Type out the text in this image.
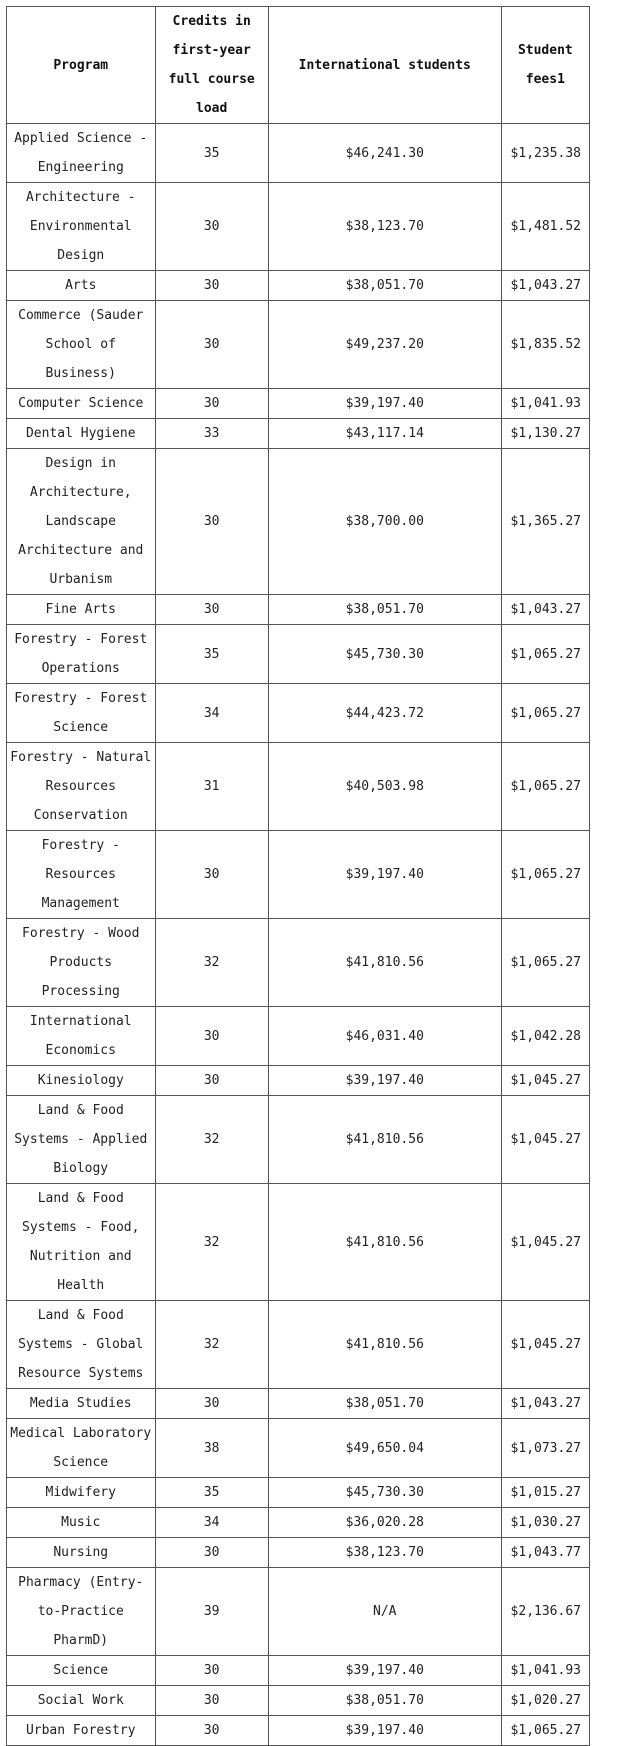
Program	Credits in first-year full course load	International students	Student fees1
Applied Science - Engineering	35	$46,241.30	$1,235.38
Architecture - Environmental Design	30	$38,123.70	$1,481.52
Arts	30	$38,051.70	$1,043.27
Commerce (Sauder School of Business)	30	$49,237.20	$1,835.52
Computer Science	30	$39,197.40	$1,041.93
Dental Hygiene	33	$43,117.14	$1,130.27
Design in Architecture, Landscape Architecture and Urbanism	30	$38,700.00	$1,365.27
Fine Arts	30	$38,051.70	$1,043.27
Forestry - Forest Operations	35	$45,730.30	$1,065.27
Forestry - Forest Science	34	$44,423.72	$1,065.27
Forestry - Natural Resources Conservation	31	$40,503.98	$1,065.27
Forestry - Resources Management	30	$39,197.40	$1,065.27
Forestry - Wood Products Processing	32	$41,810.56	$1,065.27
International Economics	30	$46,031.40	$1,042.28
Kinesiology	30	$39,197.40	$1,045.27
Land & Food Systems - Applied Biology	32	$41,810.56	$1,045.27
Land & Food Systems - Food, Nutrition and Health	32	$41,810.56	$1,045.27
Land & Food Systems - Global Resource Systems	32	$41,810.56	$1,045.27
Media Studies	30	$38,051.70	$1,043.27
Medical Laboratory Science	38	$49,650.04	$1,073.27
Midwifery	35	$45,730.30	$1,015.27
Music	34	$36,020.28	$1,030.27
Nursing	30	$38,123.70	$1,043.77
Pharmacy (Entry-to-Practice PharmD)	39	N/A	$2,136.67
Science	30	$39,197.40	$1,041.93
Social Work	30	$38,051.70	$1,020.27
Urban Forestry	30	$39,197.40	$1,065.27
